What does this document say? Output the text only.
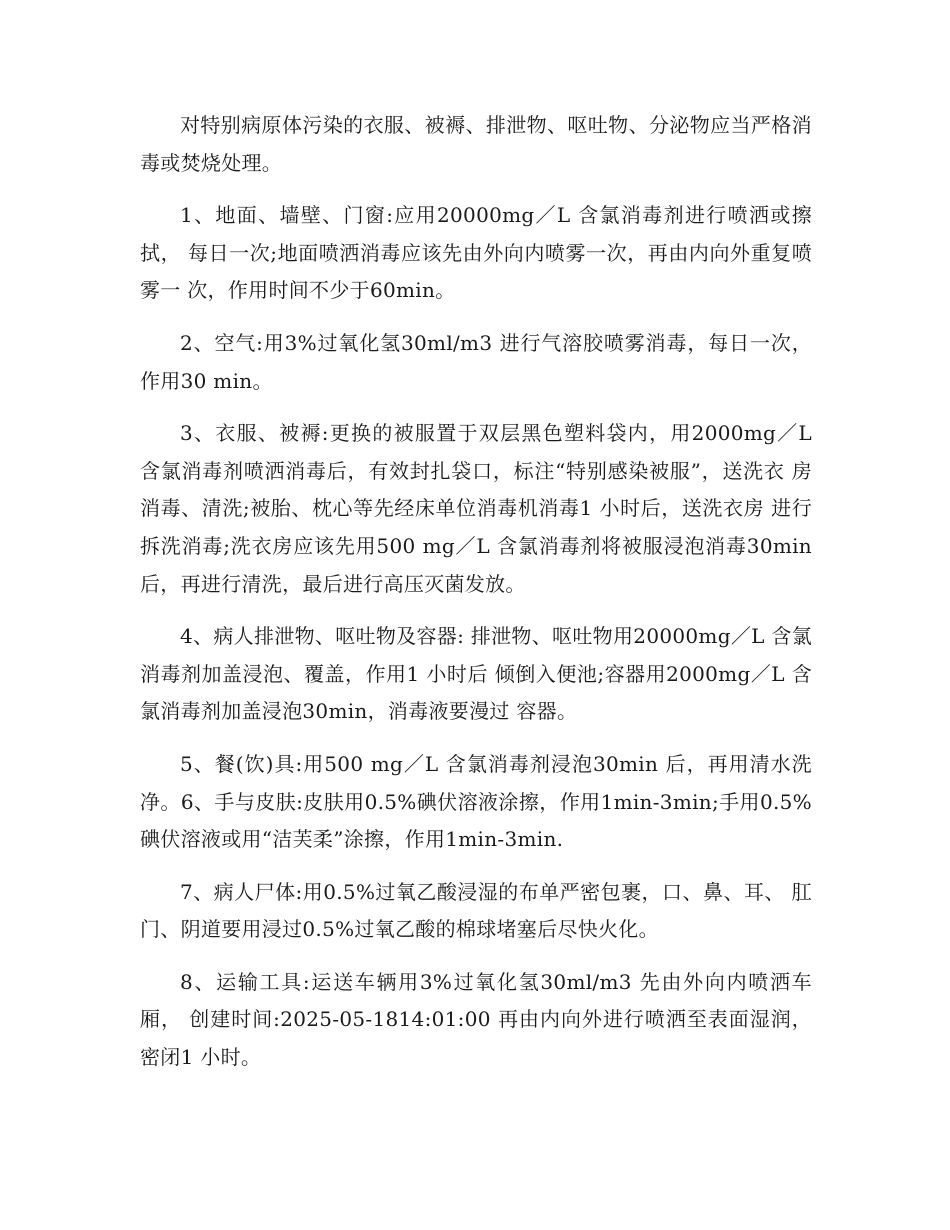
对特别病原体污染的衣服、被褥、排泄物、呕吐物、分泌物应当严格消 毒或焚烧处理。

1、地面、墙壁、门窗:应用20000mg／L 含氯消毒剂进行喷洒或擦拭， 每日一次;地面喷洒消毒应该先由外向内喷雾一次，再由内向外重复喷雾一 次，作用时间不少于60min。

2、空气:用3%过氧化氢30ml/m3 进行气溶胶喷雾消毒，每日一次， 作用30 min。

3、衣服、被褥:更换的被服置于双层黑色塑料袋内，用2000mg／L 含氯消毒剂喷洒消毒后，有效封扎袋口，标注“特别感染被服”，送洗衣 房消毒、清洗;被胎、枕心等先经床单位消毒机消毒1 小时后，送洗衣房 进行拆洗消毒;洗衣房应该先用500 mg／L 含氯消毒剂将被服浸泡消毒30min 后，再进行清洗，最后进行高压灭菌发放。

4、病人排泄物、呕吐物及容器: 排泄物、呕吐物用20000mg／L 含氯消毒剂加盖浸泡、覆盖，作用1 小时后 倾倒入便池;容器用2000mg／L 含氯消毒剂加盖浸泡30min，消毒液要漫过 容器。

5、餐(饮)具:用500 mg／L 含氯消毒剂浸泡30min 后，再用清水洗 净。6、手与皮肤:皮肤用0.5%碘伏溶液涂擦，作用1min-3min;手用0.5% 碘伏溶液或用“洁芙柔”涂擦，作用1min-3min.

7、病人尸体:用0.5%过氧乙酸浸湿的布单严密包裹，口、鼻、耳、 肛门、阴道要用浸过0.5%过氧乙酸的棉球堵塞后尽快火化。

8、运输工具:运送车辆用3%过氧化氢30ml/m3 先由外向内喷洒车厢， 创建时间:2025-05-1814:01:00 再由内向外进行喷洒至表面湿润，密闭1 小时。
